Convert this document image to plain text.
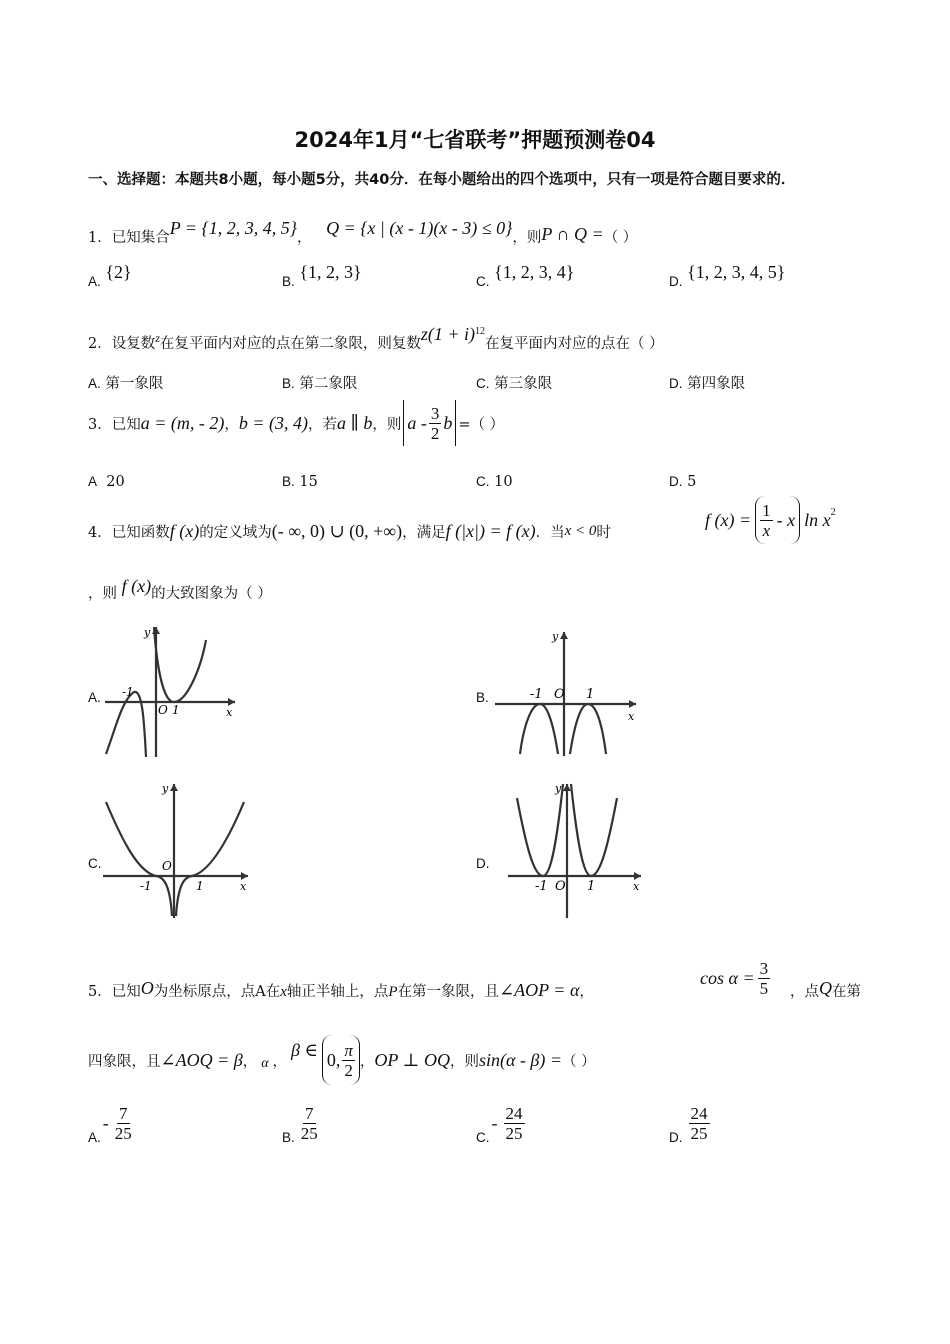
2024年1月“七省联考”押题预测卷04
一、选择题：本题共8小题，每小题5分，共40分．在每小题给出的四个选项中，只有一项是符合题目要求的．
1．已知集合P = {1, 2, 3, 4, 5}， Q = {x | (x - 1)(x - 3) ≤ 0}，则P ∩ Q =（ ）
A. {2}	B. {1, 2, 3}	C. {1, 2, 3, 4}	D. {1, 2, 3, 4, 5}
2．设复数$^z$在复平面内对应的点在第二象限，则复数$z(1 + i)^{12}$在复平面内对应的点在（ ）
A. 第一象限	B. 第二象限	C. 第三象限	D. 第四象限
3．已知 a = (m, - 2) ， b = (3, 4) ，若 a ∥ b ，则 a - $\frac{3}{2}$ b =（ ）
A 20	B. 15	C. 10	D. 5
4．已知函数 f (x) 的定义域为 (- ∞, 0) ∪ (0, +∞) ，满足 f (|x|) = f (x) ．当 x < 0 时
f $(x) = \frac{1}{x} - x$ $\ln x^2$
，则 f (x)的大致图象为（ ）
A. -1
O 1	x
y
B.	-1 O 1
x
y
C.
-1
O
1	x
y
D.
-1 O 1	x
y
5．已知O为坐标原点，点A在x轴正半轴上，点P在第一象限，且∠AOP = α，
$\cos \alpha = \frac{3}{5}$ ，点Q在第
四象限，且 ∠AOQ = β ， α ，
β ∈ 0, $\frac{\pi}{2}$ ， OP ⊥ OQ ，则 sin(α - β) = （ ）
A.
- $\frac{7}{25}$	B. $\frac{7}{25}$	C.
- $\frac{24}{25}$	D. $\frac{24}{25}$
